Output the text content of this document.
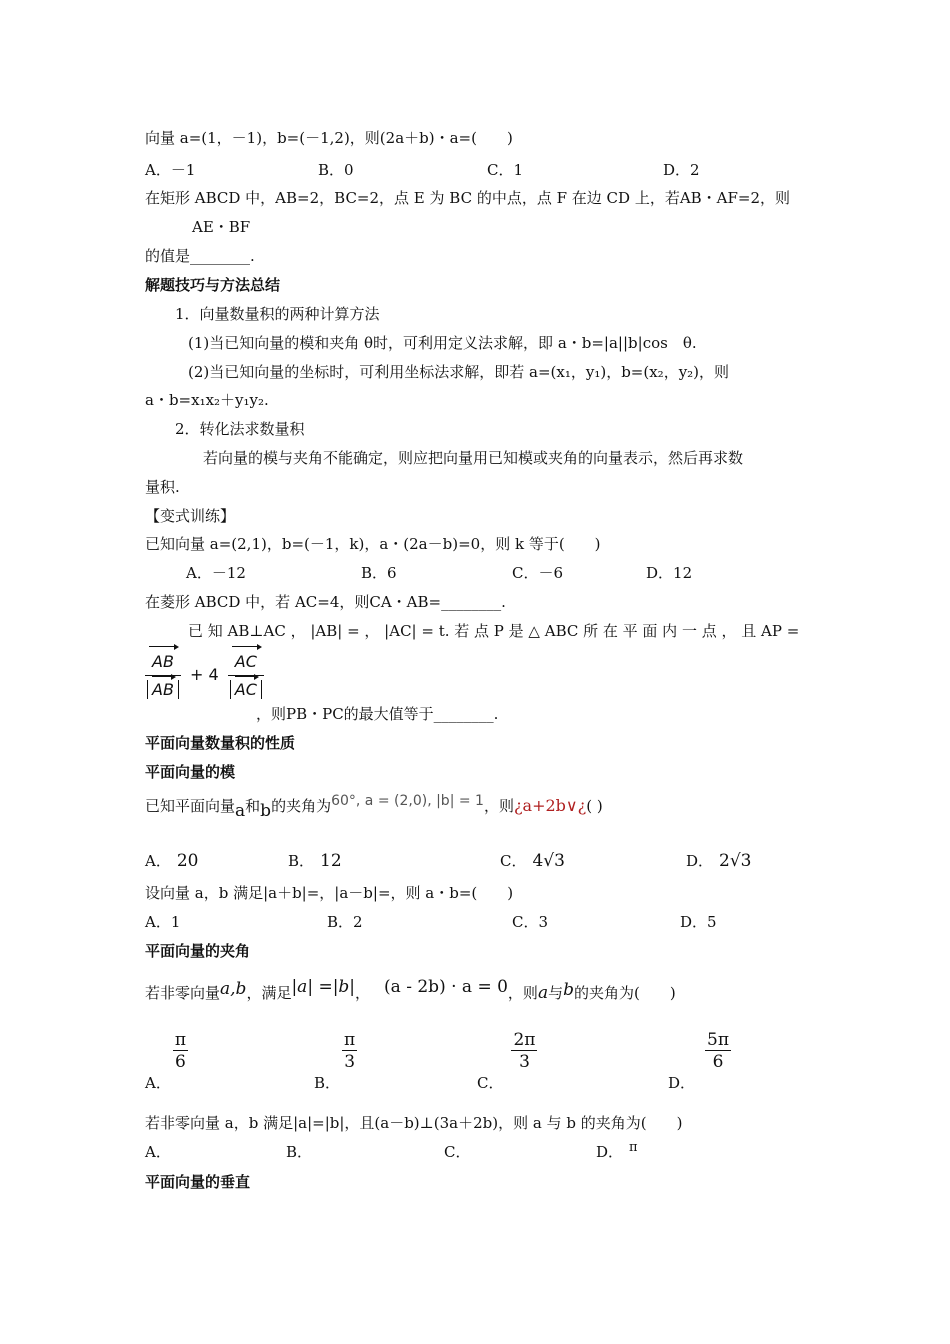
向量 a=(1，－1)，b=(－1,2)，则(2a＋b)・a=(　　)
A．－1	B．0	C．1	D．2
在矩形 ABCD 中，AB=2，BC=2，点 E 为 BC 的中点，点 F 在边 CD 上，若AB・AF=2，则
AE・BF
的值是________.
解题技巧与方法总结
1．向量数量积的两种计算方法
(1)当已知向量的模和夹角 θ时，可利用定义法求解，即 a・b=|a||b|cos　θ.
(2)当已知向量的坐标时，可利用坐标法求解，即若 a=(x₁，y₁)，b=(x₂，y₂)，则
a・b=x₁x₂＋y₁y₂.
2．转化法求数量积
若向量的模与夹角不能确定，则应把向量用已知模或夹角的向量表示，然后再求数
量积.
【变式训练】
已知向量 a=(2,1)，b=(－1，k)，a・(2a－b)=0，则 k 等于(　　)
A．－12	B．6	C．－6	D．12
在菱形 ABCD 中，若 AC=4，则CA・AB=________.
已 知 AB⊥AC ， |AB| = ， |AC| = t. 若 点 P 是 △ ABC 所 在 平 面 内 一 点 ， 且 AP =
$\frac{AB}{AB} + 4 \frac{AC}{AC}$
，则PB・PC的最大值等于________.
平面向量数量积的性质
平面向量的模
已知平面向量a和b的夹角为60°, a = (2,0), |b| = 1，则¿a+2b∨¿( )
A． 20	B． 12	C． 4√3	D． 2√3
设向量 a，b 满足|a＋b|=，|a－b|=，则 a・b=(　　)
A．1	B．2	C．3	D．5
平面向量的夹角
若非零向量a,b，满足|a| =|b|， (a - 2b) · a = 0，则a与b的夹角为(　　)
A．
$\frac{\pi}{6}$
B．
$\frac{\pi}{3}$
C．
$\frac{2\pi}{3}$
D．
$\frac{5\pi}{6}$
若非零向量 a，b 满足|a|=|b|，且(a－b)⊥(3a＋2b)，则 a 与 b 的夹角为(　　)
A．	B．	C．	D． π
平面向量的垂直
